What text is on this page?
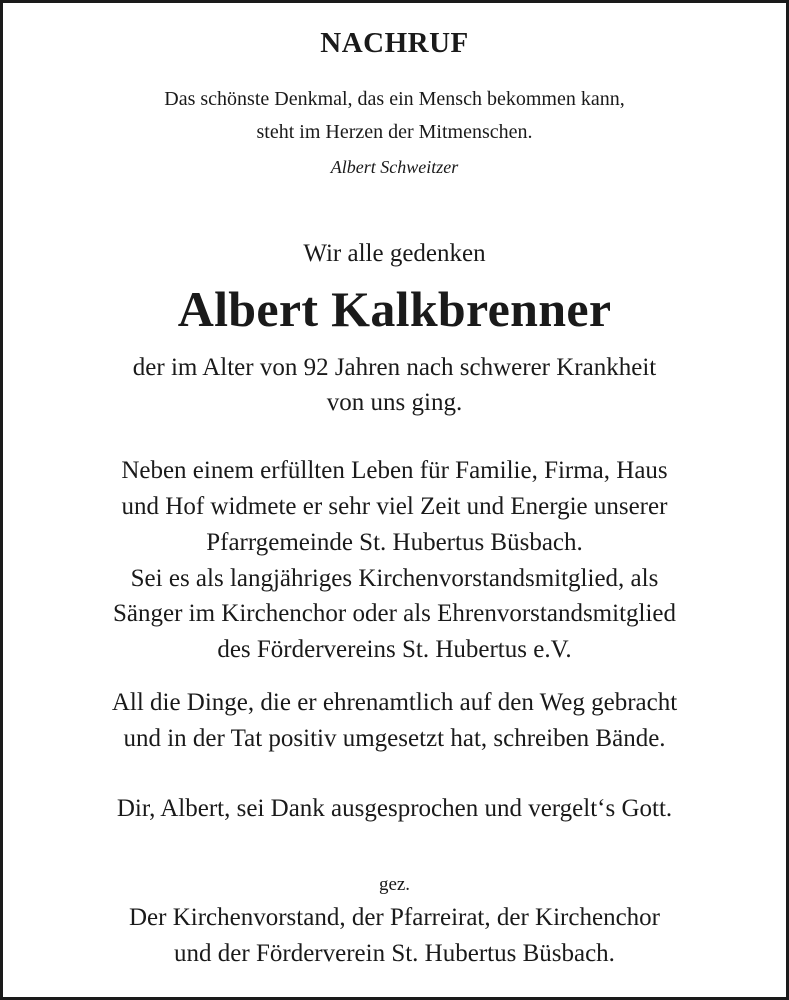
NACHRUF
Das schönste Denkmal, das ein Mensch bekommen kann,
steht im Herzen der Mitmenschen.
Albert Schweitzer
Wir alle gedenken
Albert Kalkbrenner
der im Alter von 92 Jahren nach schwerer Krankheit
von uns ging.
Neben einem erfüllten Leben für Familie, Firma, Haus
und Hof widmete er sehr viel Zeit und Energie unserer
Pfarrgemeinde St. Hubertus Büsbach.
Sei es als langjähriges Kirchenvorstandsmitglied, als
Sänger im Kirchenchor oder als Ehrenvorstandsmitglied
des Fördervereins St. Hubertus e.V.
All die Dinge, die er ehrenamtlich auf den Weg gebracht
und in der Tat positiv umgesetzt hat, schreiben Bände.
Dir, Albert, sei Dank ausgesprochen und vergelt‘s Gott.
gez.
Der Kirchenvorstand, der Pfarreirat, der Kirchenchor
und der Förderverein St. Hubertus Büsbach.
